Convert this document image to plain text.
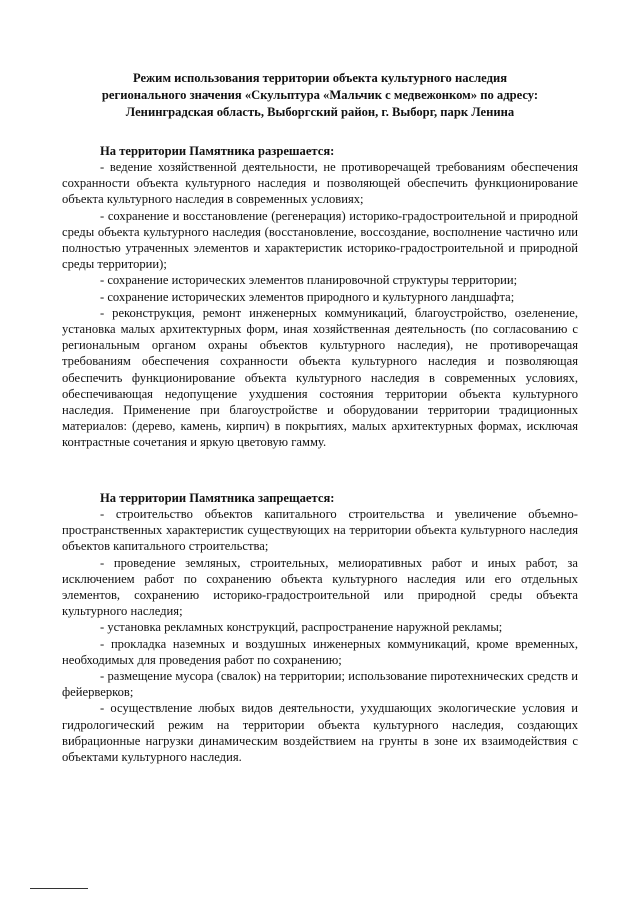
Режим использования территории объекта культурного наследия
регионального значения «Скульптура «Мальчик с медвежонком» по адресу:
Ленинградская область, Выборгский район, г. Выборг, парк Ленина
На территории Памятника разрешается:

- ведение хозяйственной деятельности, не противоречащей требованиям обеспечения сохранности объекта культурного наследия и позволяющей обеспечить функционирование объекта культурного наследия в современных условиях;

- сохранение и восстановление (регенерация) историко-градостроительной и природной среды объекта культурного наследия (восстановление, воссоздание, восполнение частично или полностью утраченных элементов и характеристик историко-градостроительной и природной среды территории);

- сохранение исторических элементов планировочной структуры территории;

- сохранение исторических элементов природного и культурного ландшафта;

- реконструкция, ремонт инженерных коммуникаций, благоустройство, озеленение, установка малых архитектурных форм, иная хозяйственная деятельность (по согласованию с региональным органом охраны объектов культурного наследия), не противоречащая требованиям обеспечения сохранности объекта культурного наследия и позволяющая обеспечить функционирование объекта культурного наследия в современных условиях, обеспечивающая недопущение ухудшения состояния территории объекта культурного наследия. Применение при благоустройстве и оборудовании территории традиционных материалов: (дерево, камень, кирпич) в покрытиях, малых архитектурных формах, исключая контрастные сочетания и яркую цветовую гамму.

На территории Памятника запрещается:

- строительство объектов капитального строительства и увеличение объемно-пространственных характеристик существующих на территории объекта культурного наследия объектов капитального строительства;

- проведение земляных, строительных, мелиоративных работ и иных работ, за исключением работ по сохранению объекта культурного наследия или его отдельных элементов, сохранению историко-градостроительной или природной среды объекта культурного наследия;

- установка рекламных конструкций, распространение наружной рекламы;

- прокладка наземных и воздушных инженерных коммуникаций, кроме временных, необходимых для проведения работ по сохранению;

- размещение мусора (свалок) на территории; использование пиротехнических средств и фейерверков;

- осуществление любых видов деятельности, ухудшающих экологические условия и гидрологический режим на территории объекта культурного наследия, создающих вибрационные нагрузки динамическим воздействием на грунты в зоне их взаимодействия с объектами культурного наследия.
